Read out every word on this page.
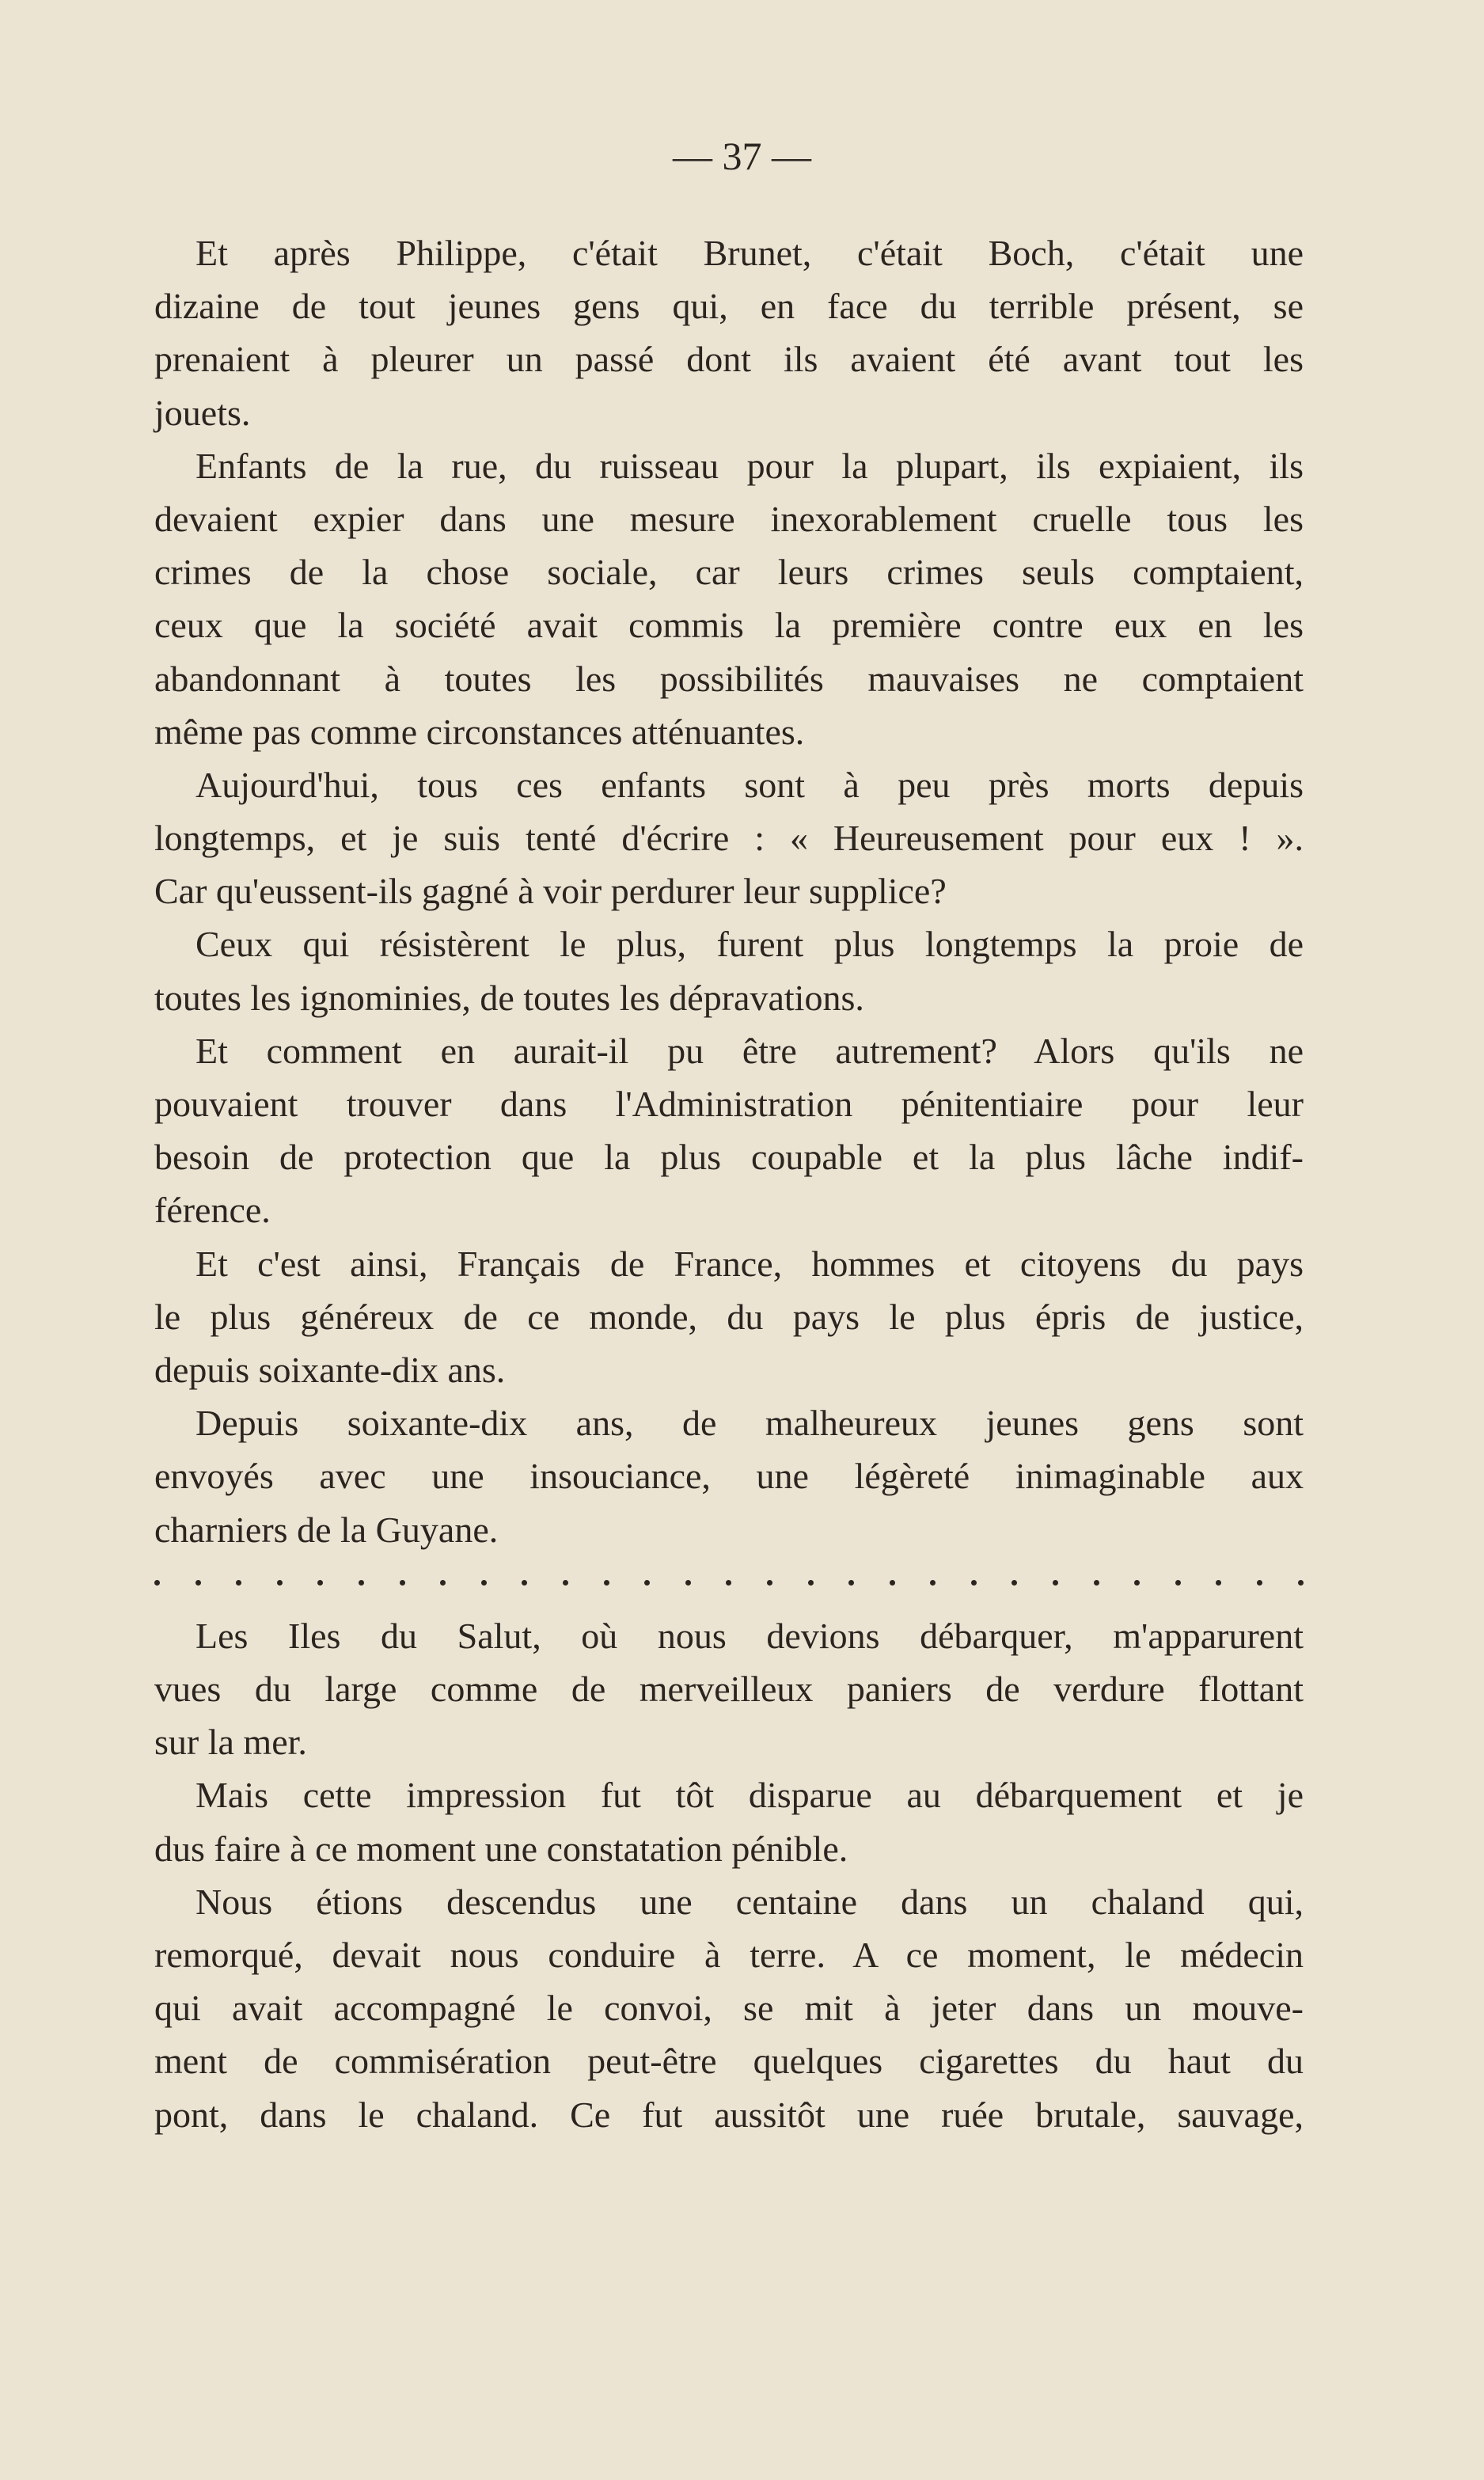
— 37 —
Et après Philippe, c'était Brunet, c'était Boch, c'était une
dizaine de tout jeunes gens qui, en face du terrible présent, se
prenaient à pleurer un passé dont ils avaient été avant tout les
jouets.
Enfants de la rue, du ruisseau pour la plupart, ils expiaient, ils
devaient expier dans une mesure inexorablement cruelle tous les
crimes de la chose sociale, car leurs crimes seuls comptaient,
ceux que la société avait commis la première contre eux en les
abandonnant à toutes les possibilités mauvaises ne comptaient
même pas comme circonstances atténuantes.
Aujourd'hui, tous ces enfants sont à peu près morts depuis
longtemps, et je suis tenté d'écrire : « Heureusement pour eux ! ».
Car qu'eussent-ils gagné à voir perdurer leur supplice?
Ceux qui résistèrent le plus, furent plus longtemps la proie de
toutes les ignominies, de toutes les dépravations.
Et comment en aurait-il pu être autrement? Alors qu'ils ne
pouvaient trouver dans l'Administration pénitentiaire pour leur
besoin de protection que la plus coupable et la plus lâche indif-
férence.
Et c'est ainsi, Français de France, hommes et citoyens du pays
le plus généreux de ce monde, du pays le plus épris de justice,
depuis soixante-dix ans.
Depuis soixante-dix ans, de malheureux jeunes gens sont
envoyés avec une insouciance, une légèreté inimaginable aux
charniers de la Guyane.
Les Iles du Salut, où nous devions débarquer, m'apparurent
vues du large comme de merveilleux paniers de verdure flottant
sur la mer.
Mais cette impression fut tôt disparue au débarquement et je
dus faire à ce moment une constatation pénible.
Nous étions descendus une centaine dans un chaland qui,
remorqué, devait nous conduire à terre. A ce moment, le médecin
qui avait accompagné le convoi, se mit à jeter dans un mouve-
ment de commisération peut-être quelques cigarettes du haut du
pont, dans le chaland. Ce fut aussitôt une ruée brutale, sauvage,
